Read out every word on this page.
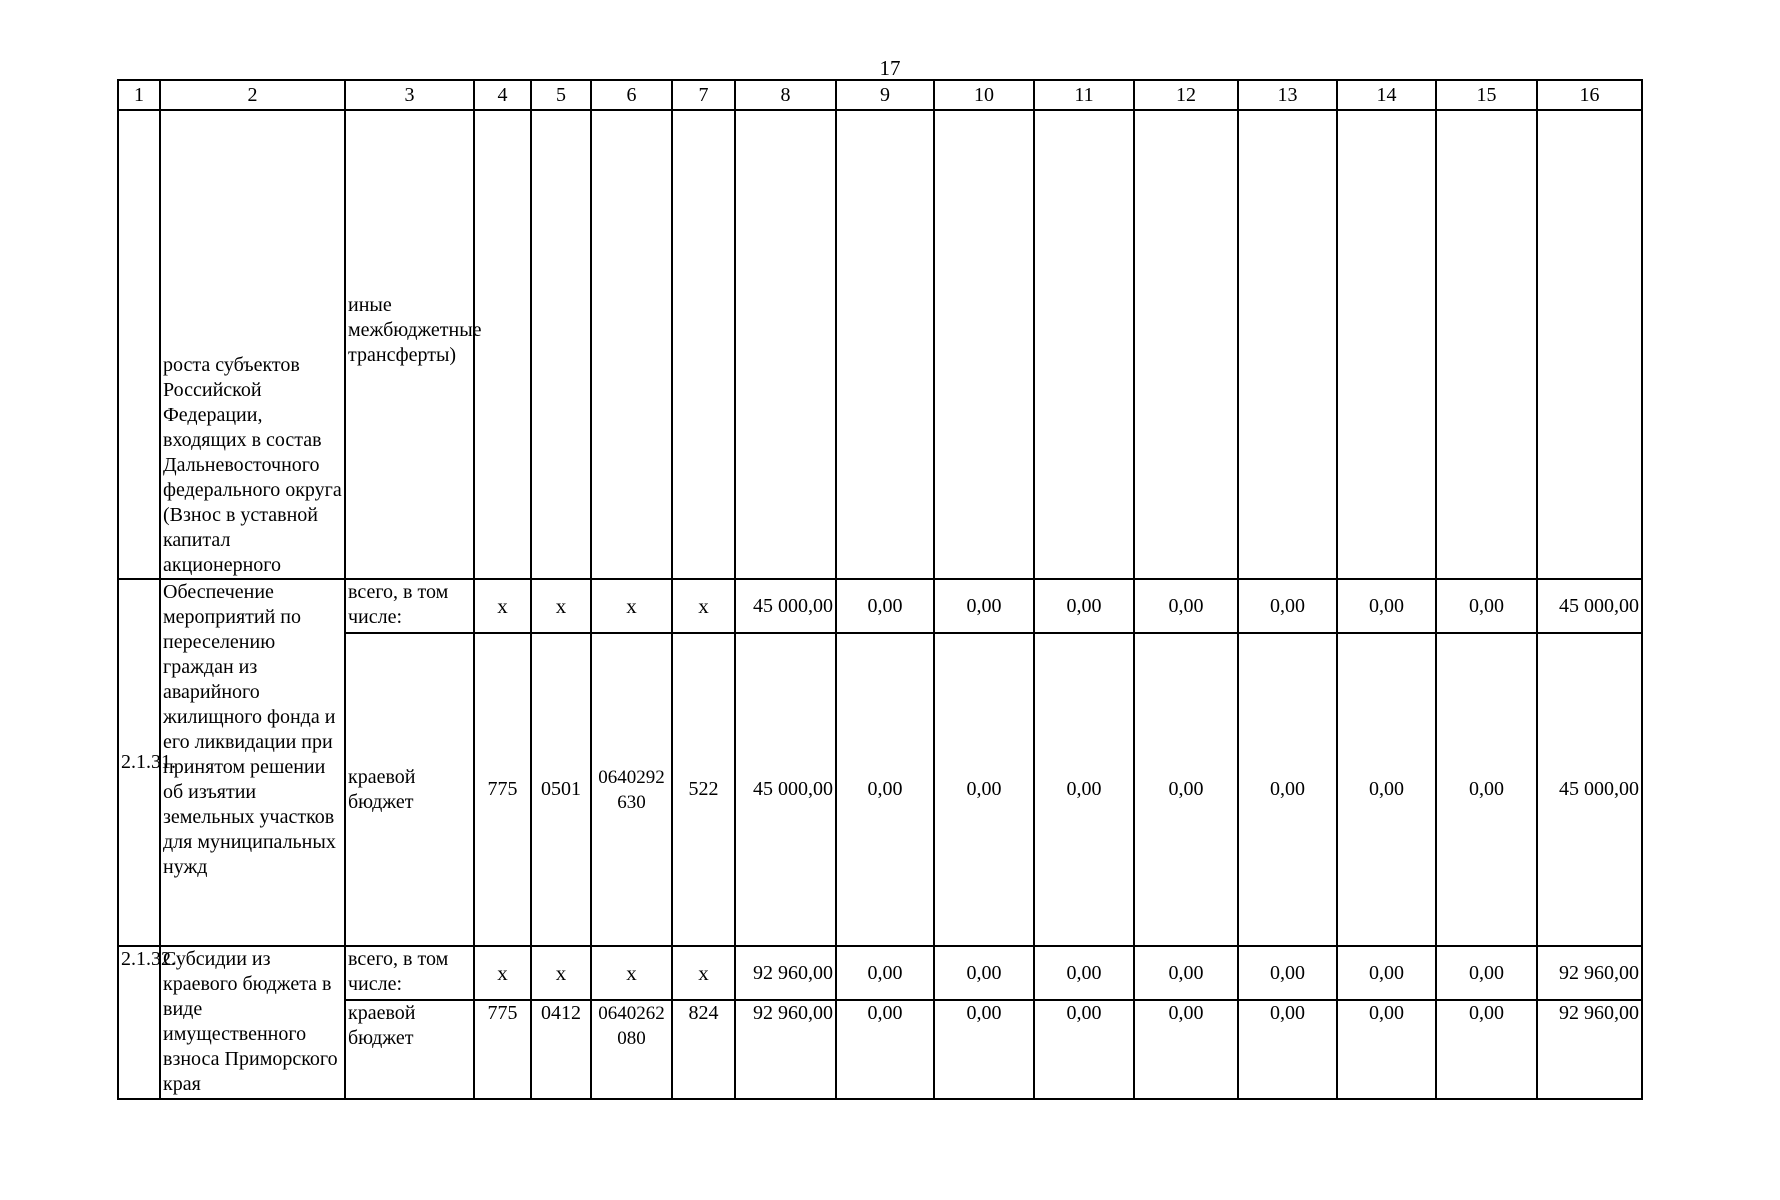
17
1	2	3	4	5	6	7	8	9	10	11	12	13	14	15	16
	роста субъектов Российской Федерации, входящих в состав Дальневосточного федерального округа (Взнос в уставной капитал акционерного	иные межбюджетные трансферты)													
2.1.31.	Обеспечение мероприятий по переселению граждан из аварийного жилищного фонда и его ликвидации при принятом решении об изъятии земельных участков для муниципальных нужд	всего, в том числе:	x	x	x	x	45 000,00	0,00	0,00	0,00	0,00	0,00	0,00	0,00	45 000,00
		краевой бюджет	775	0501	0640292630	522	45 000,00	0,00	0,00	0,00	0,00	0,00	0,00	0,00	45 000,00
2.1.32.	Субсидии из краевого бюджета в виде имущественного взноса Приморского края	всего, в том числе:	x	x	x	x	92 960,00	0,00	0,00	0,00	0,00	0,00	0,00	0,00	92 960,00
		краевой бюджет	775	0412	0640262080	824	92 960,00	0,00	0,00	0,00	0,00	0,00	0,00	0,00	92 960,00
